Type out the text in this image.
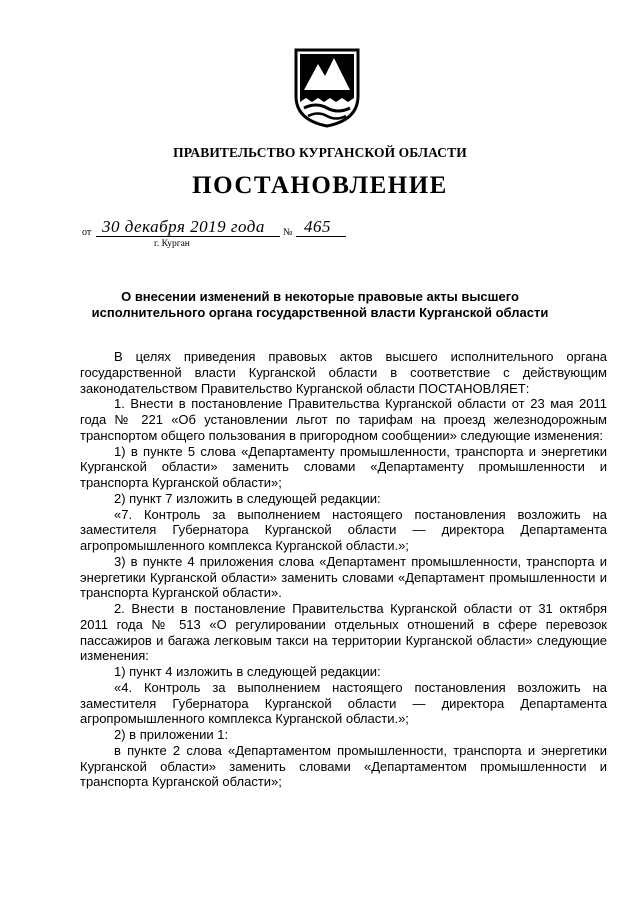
ПРАВИТЕЛЬСТВО КУРГАНСКОЙ ОБЛАСТИ
ПОСТАНОВЛЕНИЕ
от 30 декабря 2019 года № 465
г. Курган
О внесении изменений в некоторые правовые акты высшего исполнительного органа государственной власти Курганской области

В целях приведения правовых актов высшего исполнительного органа государственной власти Курганской области в соответствие с действующим законодательством Правительство Курганской области ПОСТАНОВЛЯЕТ:

1. Внести в постановление Правительства Курганской области от 23 мая 2011 года № 221 «Об установлении льгот по тарифам на проезд железнодорожным транспортом общего пользования в пригородном сообщении» следующие изменения:

1) в пункте 5 слова «Департаменту промышленности, транспорта и энергетики Курганской области» заменить словами «Департаменту промышленности и транспорта Курганской области»;

2) пункт 7 изложить в следующей редакции:

«7. Контроль за выполнением настоящего постановления возложить на заместителя Губернатора Курганской области — директора Департамента агропромышленного комплекса Курганской области.»;

3) в пункте 4 приложения слова «Департамент промышленности, транспорта и энергетики Курганской области» заменить словами «Департамент промышленности и транспорта Курганской области».

2. Внести в постановление Правительства Курганской области от 31 октября 2011 года № 513 «О регулировании отдельных отношений в сфере перевозок пассажиров и багажа легковым такси на территории Курганской области» следующие изменения:

1) пункт 4 изложить в следующей редакции:

«4. Контроль за выполнением настоящего постановления возложить на заместителя Губернатора Курганской области — директора Департамента агропромышленного комплекса Курганской области.»;

2) в приложении 1:

в пункте 2 слова «Департаментом промышленности, транспорта и энергетики Курганской области» заменить словами «Департаментом промышленности и транспорта Курганской области»;
